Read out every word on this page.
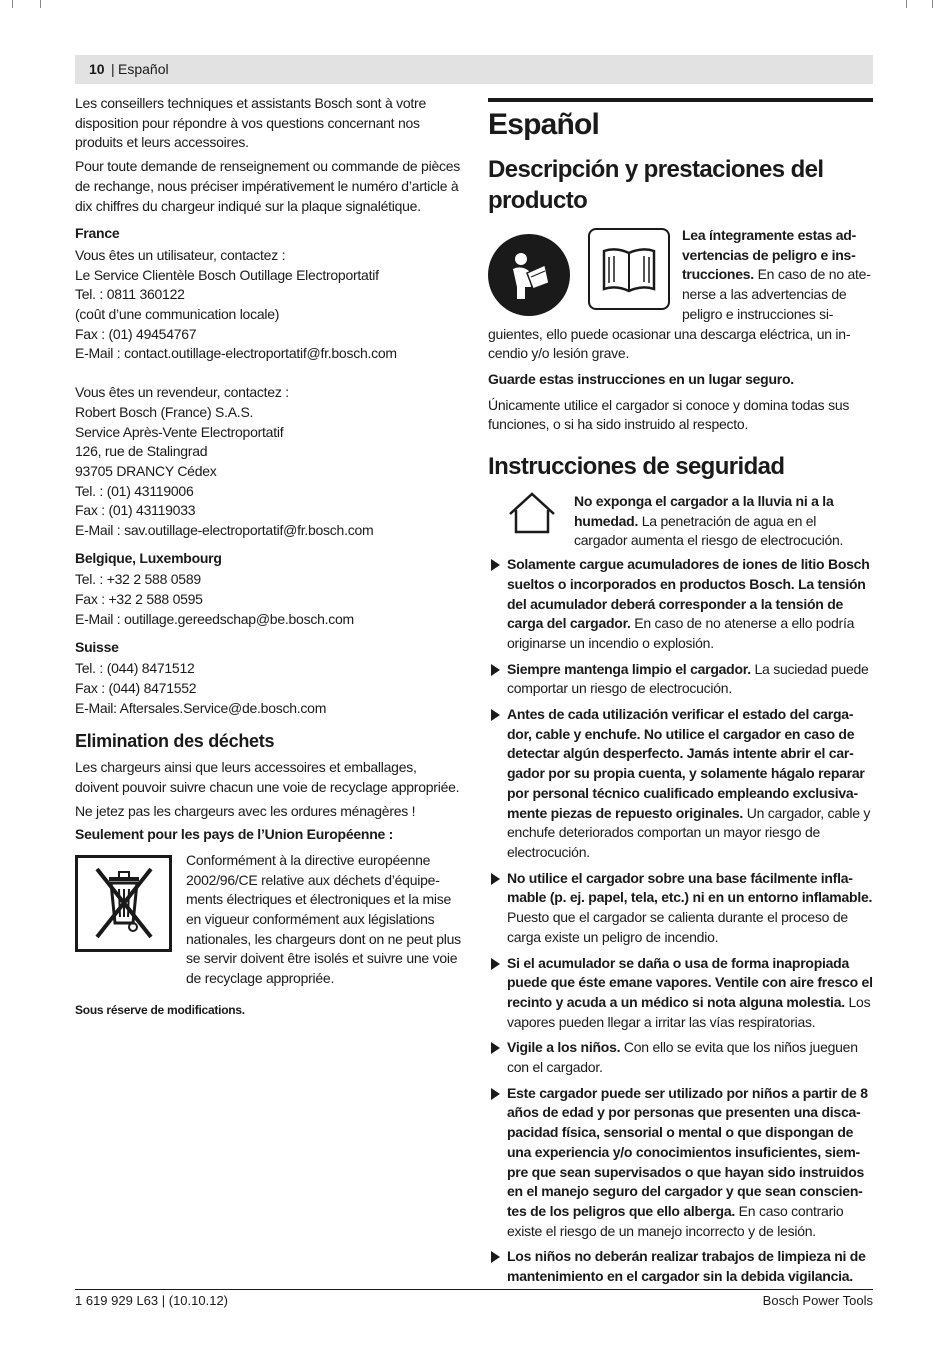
10 | Español

Les conseillers techniques et assistants Bosch sont à votre disposition pour répondre à vos questions concernant nos produits et leurs accessoires.

Pour toute demande de renseignement ou commande de pièces de rechange, nous préciser impérativement le numéro d’article à dix chiffres du chargeur indiqué sur la plaque signalétique.

France
Vous êtes un utilisateur, contactez :
Le Service Clientèle Bosch Outillage Electroportatif
Tel. : 0811 360122
(coût d’une communication locale)
Fax : (01) 49454767
E-Mail : contact.outillage-electroportatif@fr.bosch.com
Vous êtes un revendeur, contactez :
Robert Bosch (France) S.A.S.
Service Après-Vente Electroportatif
126, rue de Stalingrad
93705 DRANCY Cédex
Tel. : (01) 43119006
Fax : (01) 43119033
E-Mail : sav.outillage-electroportatif@fr.bosch.com
Belgique, Luxembourg
Tel. : +32 2 588 0589
Fax : +32 2 588 0595
E-Mail : outillage.gereedschap@be.bosch.com
Suisse
Tel. : (044) 8471512
Fax : (044) 8471552
E-Mail: Aftersales.Service@de.bosch.com
Elimination des déchets

Les chargeurs ainsi que leurs accessoires et emballages, doivent pouvoir suivre chacun une voie de recyclage appropriée.

Ne jetez pas les chargeurs avec les ordures ménagères !

Seulement pour les pays de l’Union Européenne :
Conformément à la directive européenne 2002/96/CE relative aux déchets d’équipements électriques et électroniques et la mise en vigueur conformément aux législations nationales, les chargeurs dont on ne peut plus se servir doivent être isolés et suivre une voie de recyclage appropriée.
Sous réserve de modifications.
Español
Descripción y prestaciones del producto
Lea íntegramente estas advertencias de peligro e instrucciones. En caso de no atenerse a las advertencias de peligro e instrucciones siguientes, ello puede ocasionar una descarga eléctrica, un incendio y/o lesión grave.

Guarde estas instrucciones en un lugar seguro.

Únicamente utilice el cargador si conoce y domina todas sus funciones, o si ha sido instruido al respecto.

Instrucciones de seguridad
No exponga el cargador a la lluvia ni a la humedad. La penetración de agua en el cargador aumenta el riesgo de electrocución.
Solamente cargue acumuladores de iones de litio Bosch sueltos o incorporados en productos Bosch. La tensión del acumulador deberá corresponder a la tensión de carga del cargador. En caso de no atenerse a ello podría originarse un incendio o explosión.
Siempre mantenga limpio el cargador. La suciedad puede comportar un riesgo de electrocución.
Antes de cada utilización verificar el estado del cargador, cable y enchufe. No utilice el cargador en caso de detectar algún desperfecto. Jamás intente abrir el cargador por su propia cuenta, y solamente hágalo reparar por personal técnico cualificado empleando exclusivamente piezas de repuesto originales. Un cargador, cable y enchufe deteriorados comportan un mayor riesgo de electrocución.
No utilice el cargador sobre una base fácilmente inflamable (p. ej. papel, tela, etc.) ni en un entorno inflamable. Puesto que el cargador se calienta durante el proceso de carga existe un peligro de incendio.
Si el acumulador se daña o usa de forma inapropiada puede que éste emane vapores. Ventile con aire fresco el recinto y acuda a un médico si nota alguna molestia. Los vapores pueden llegar a irritar las vías respiratorias.
Vigile a los niños. Con ello se evita que los niños jueguen con el cargador.
Este cargador puede ser utilizado por niños a partir de 8 años de edad y por personas que presenten una discapacidad física, sensorial o mental o que dispongan de una experiencia y/o conocimientos insuficientes, siempre que sean supervisados o que hayan sido instruidos en el manejo seguro del cargador y que sean conscientes de los peligros que ello alberga. En caso contrario existe el riesgo de un manejo incorrecto y de lesión.
Los niños no deberán realizar trabajos de limpieza ni de mantenimiento en el cargador sin la debida vigilancia.
1 619 929 L63 | (10.10.12)	Bosch Power Tools
